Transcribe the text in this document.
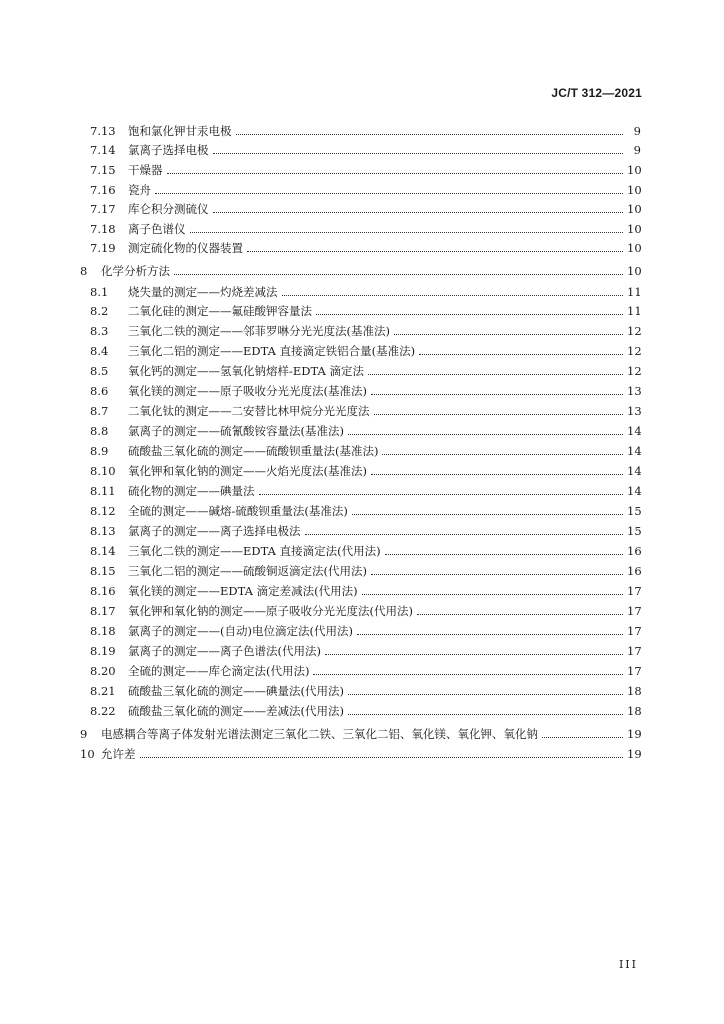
JC/T 312—2021
7.13	饱和氯化钾甘汞电极	9
7.14	氯离子选择电极	9
7.15	干燥器	10
7.16	瓷舟	10
7.17	库仑积分测硫仪	10
7.18	离子色谱仪	10
7.19	测定硫化物的仪器装置	10
8	化学分析方法	10
8.1	烧失量的测定——灼烧差减法	11
8.2	二氧化硅的测定——氟硅酸钾容量法	11
8.3	三氧化二铁的测定——邻菲罗啉分光光度法(基准法)	12
8.4	三氧化二铝的测定——EDTA 直接滴定铁铝合量(基准法)	12
8.5	氧化钙的测定——氢氧化钠熔样-EDTA 滴定法	12
8.6	氧化镁的测定——原子吸收分光光度法(基准法)	13
8.7	二氧化钛的测定——二安替比林甲烷分光光度法	13
8.8	氯离子的测定——硫氰酸铵容量法(基准法)	14
8.9	硫酸盐三氧化硫的测定——硫酸钡重量法(基准法)	14
8.10	氧化钾和氧化钠的测定——火焰光度法(基准法)	14
8.11	硫化物的测定——碘量法	14
8.12	全硫的测定——碱熔-硫酸钡重量法(基准法)	15
8.13	氯离子的测定——离子选择电极法	15
8.14	三氧化二铁的测定——EDTA 直接滴定法(代用法)	16
8.15	三氧化二铝的测定——硫酸铜返滴定法(代用法)	16
8.16	氧化镁的测定——EDTA 滴定差减法(代用法)	17
8.17	氧化钾和氧化钠的测定——原子吸收分光光度法(代用法)	17
8.18	氯离子的测定——(自动)电位滴定法(代用法)	17
8.19	氯离子的测定——离子色谱法(代用法)	17
8.20	全硫的测定——库仑滴定法(代用法)	17
8.21	硫酸盐三氧化硫的测定——碘量法(代用法)	18
8.22	硫酸盐三氧化硫的测定——差减法(代用法)	18
9	电感耦合等离子体发射光谱法测定三氧化二铁、三氧化二铝、氧化镁、氧化钾、氧化钠	19
10 允许差	19
III
